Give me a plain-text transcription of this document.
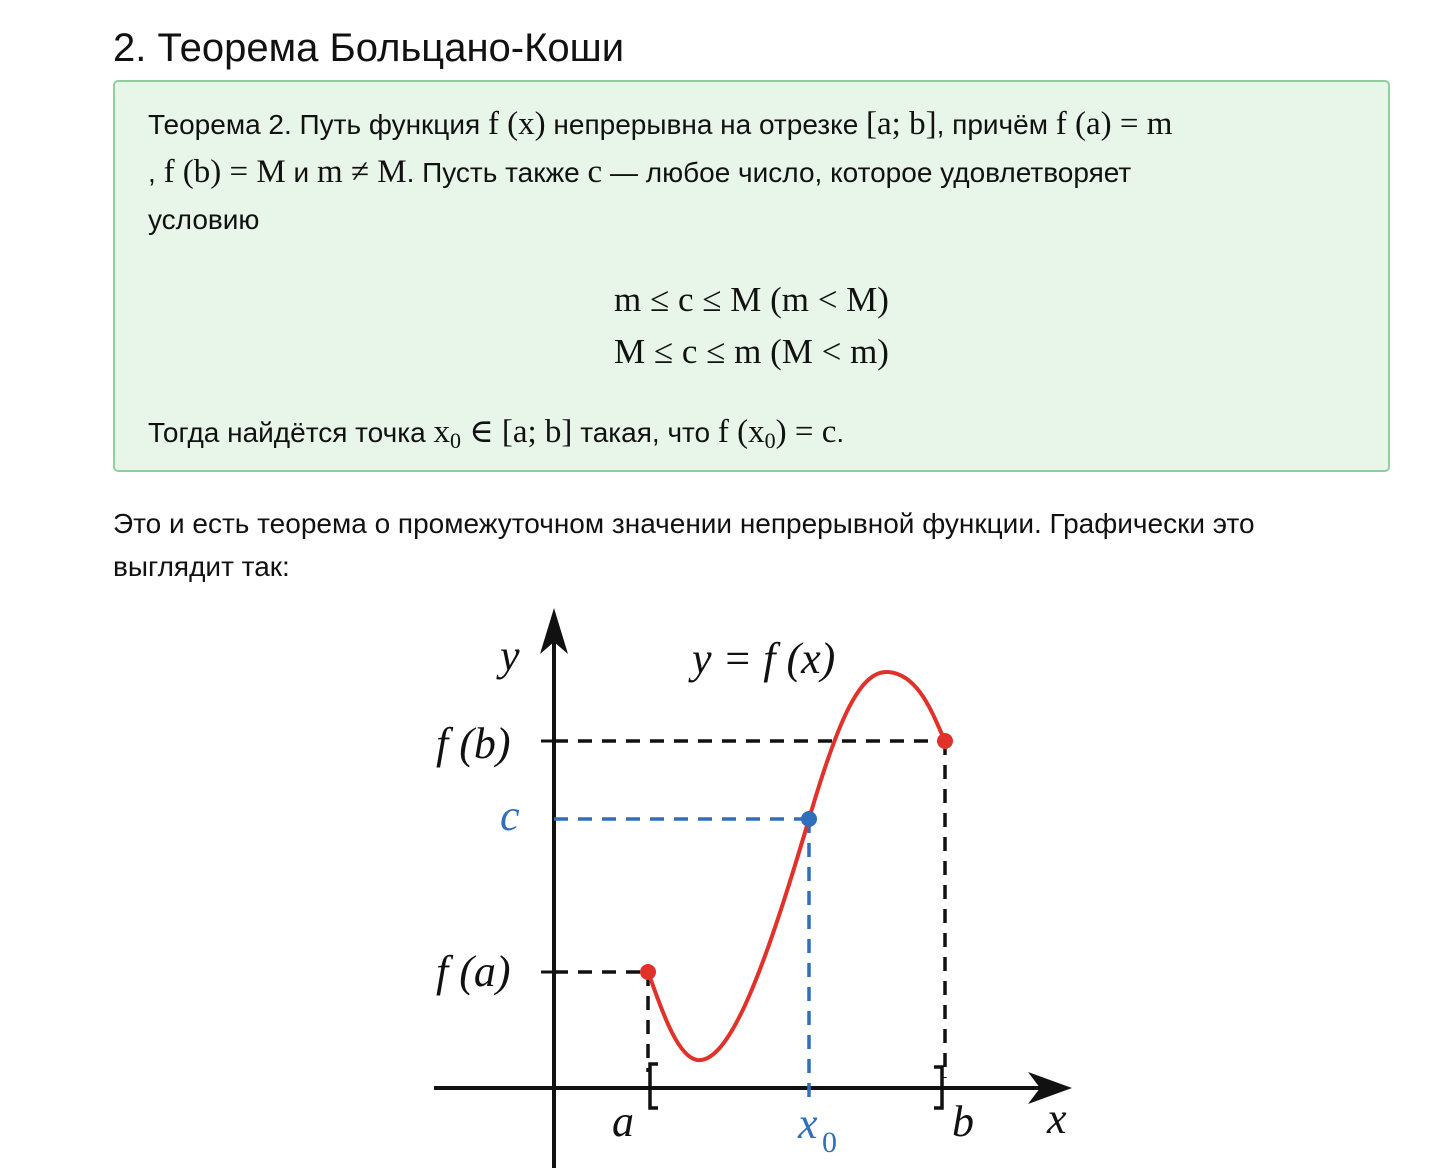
2. Теорема Больцано-Коши
Теорема 2. Путь функция f (x) непрерывна на отрезке [a; b], причём f (a) = m
, f (b) = M и m ≠ M. Пусть также c — любое число, которое удовлетворяет
условию
m ≤ c ≤ M (m < M)
M ≤ c ≤ m (M < m)
Тогда найдётся точка $x_0$ ∈ [a; b] такая, что f $(x_0) = c$.

Это и есть теорема о промежуточном значении непрерывной функции. Графически это выглядит так:

y
x
y = f (x)
f (b)
c
f (a)
a	x 0	b
